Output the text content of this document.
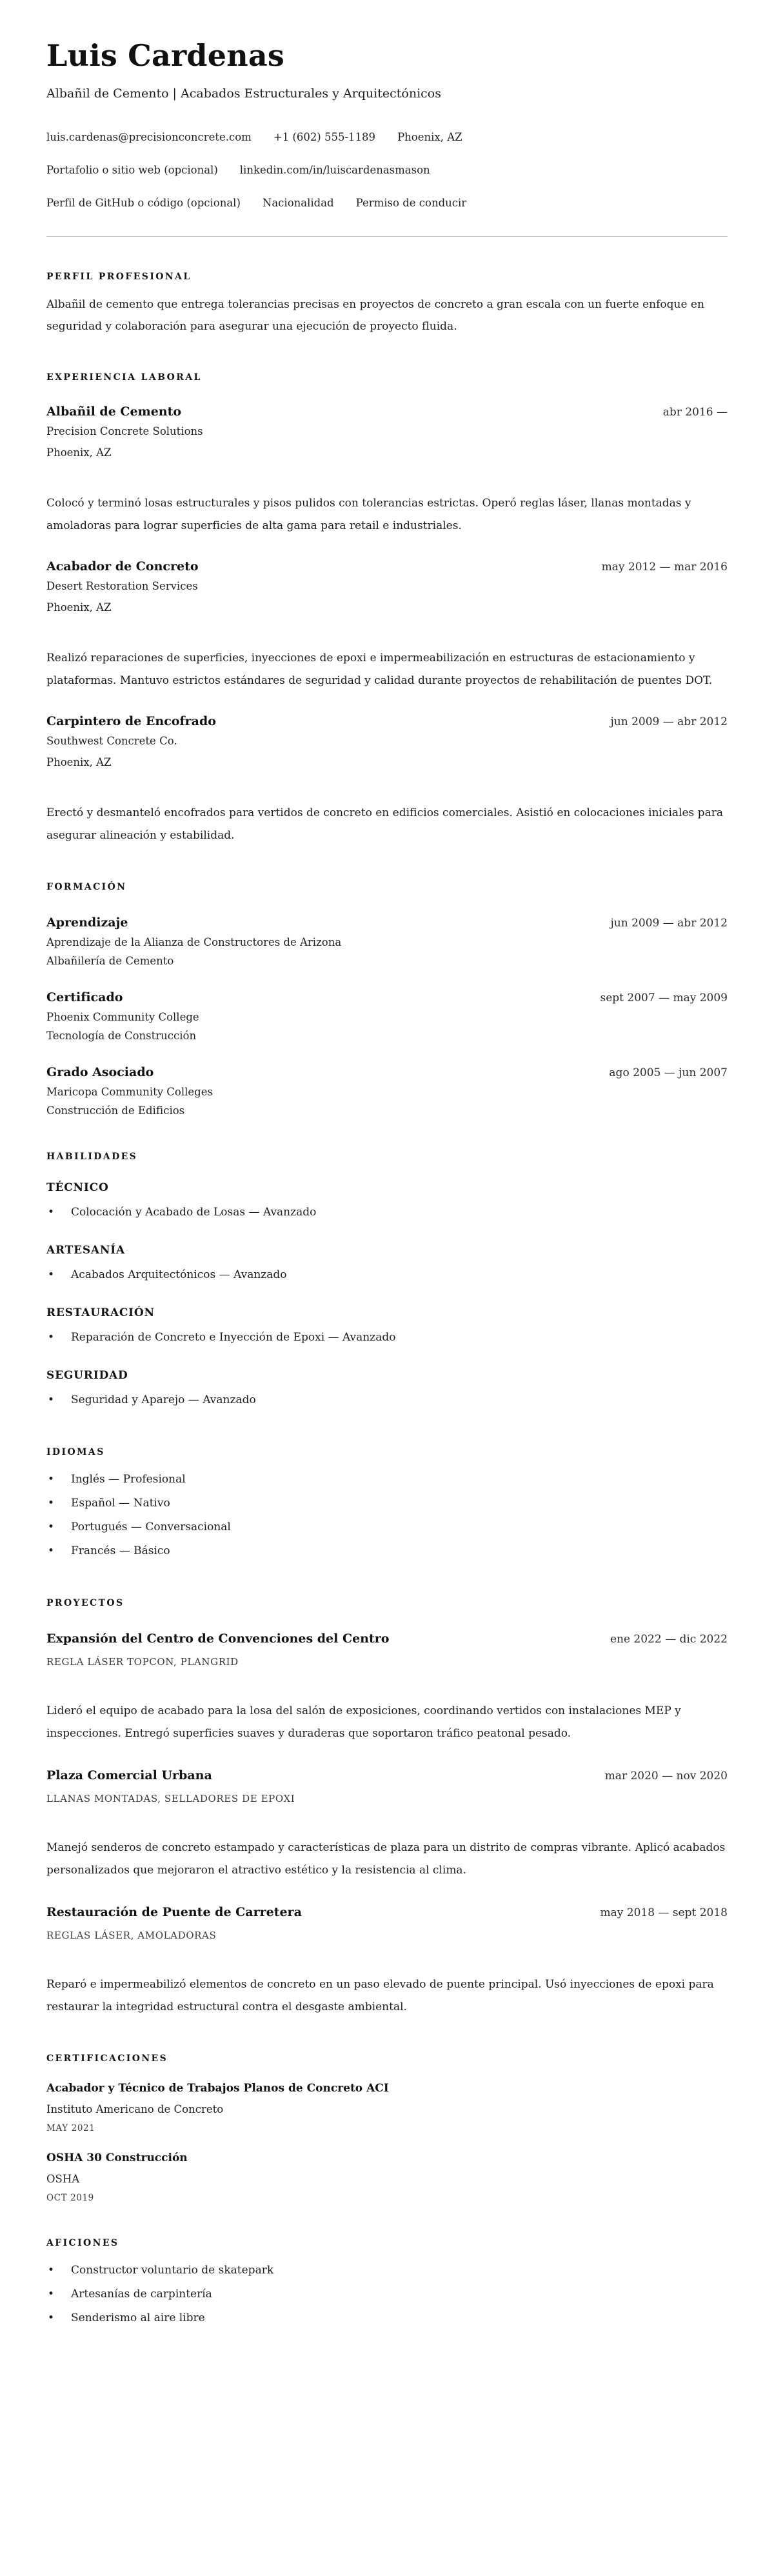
Luis Cardenas
Albañil de Cemento | Acabados Estructurales y Arquitectónicos
luis.cardenas@precisionconcrete.com +1 (602) 555-1189 Phoenix, AZ
Portafolio o sitio web (opcional) linkedin.com/in/luiscardenasmason
Perfil de GitHub o código (opcional) Nacionalidad Permiso de conducir
PERFIL PROFESIONAL

Albañil de cemento que entrega tolerancias precisas en proyectos de concreto a gran escala con un fuerte enfoque en seguridad y colaboración para asegurar una ejecución de proyecto fluida.

EXPERIENCIA LABORAL
Albañil de Cemento	abr 2016 —
Precision Concrete Solutions
Phoenix, AZ

Colocó y terminó losas estructurales y pisos pulidos con tolerancias estrictas. Operó reglas láser, llanas montadas y amoladoras para lograr superficies de alta gama para retail e industriales.

Acabador de Concreto	may 2012 — mar 2016
Desert Restoration Services
Phoenix, AZ

Realizó reparaciones de superficies, inyecciones de epoxi e impermeabilización en estructuras de estacionamiento y plataformas. Mantuvo estrictos estándares de seguridad y calidad durante proyectos de rehabilitación de puentes DOT.

Carpintero de Encofrado	jun 2009 — abr 2012
Southwest Concrete Co.
Phoenix, AZ

Erectó y desmanteló encofrados para vertidos de concreto en edificios comerciales. Asistió en colocaciones iniciales para asegurar alineación y estabilidad.

FORMACIÓN
Aprendizaje	jun 2009 — abr 2012
Aprendizaje de la Alianza de Constructores de Arizona
Albañilería de Cemento
Certificado	sept 2007 — may 2009
Phoenix Community College
Tecnología de Construcción
Grado Asociado	ago 2005 — jun 2007
Maricopa Community Colleges
Construcción de Edificios
HABILIDADES
TÉCNICO
• Colocación y Acabado de Losas — Avanzado
ARTESANÍA
• Acabados Arquitectónicos — Avanzado
RESTAURACIÓN
• Reparación de Concreto e Inyección de Epoxi — Avanzado
SEGURIDAD
• Seguridad y Aparejo — Avanzado
IDIOMAS
• Inglés — Profesional
• Español — Nativo
• Portugués — Conversacional
• Francés — Básico
PROYECTOS
Expansión del Centro de Convenciones del Centro	ene 2022 — dic 2022
REGLA LÁSER TOPCON, PLANGRID

Lideró el equipo de acabado para la losa del salón de exposiciones, coordinando vertidos con instalaciones MEP y inspecciones. Entregó superficies suaves y duraderas que soportaron tráfico peatonal pesado.

Plaza Comercial Urbana	mar 2020 — nov 2020
LLANAS MONTADAS, SELLADORES DE EPOXI

Manejó senderos de concreto estampado y características de plaza para un distrito de compras vibrante. Aplicó acabados personalizados que mejoraron el atractivo estético y la resistencia al clima.

Restauración de Puente de Carretera	may 2018 — sept 2018
REGLAS LÁSER, AMOLADORAS

Reparó e impermeabilizó elementos de concreto en un paso elevado de puente principal. Usó inyecciones de epoxi para restaurar la integridad estructural contra el desgaste ambiental.

CERTIFICACIONES
Acabador y Técnico de Trabajos Planos de Concreto ACI
Instituto Americano de Concreto
MAY 2021
OSHA 30 Construcción
OSHA
OCT 2019
AFICIONES
• Constructor voluntario de skatepark
• Artesanías de carpintería
• Senderismo al aire libre
